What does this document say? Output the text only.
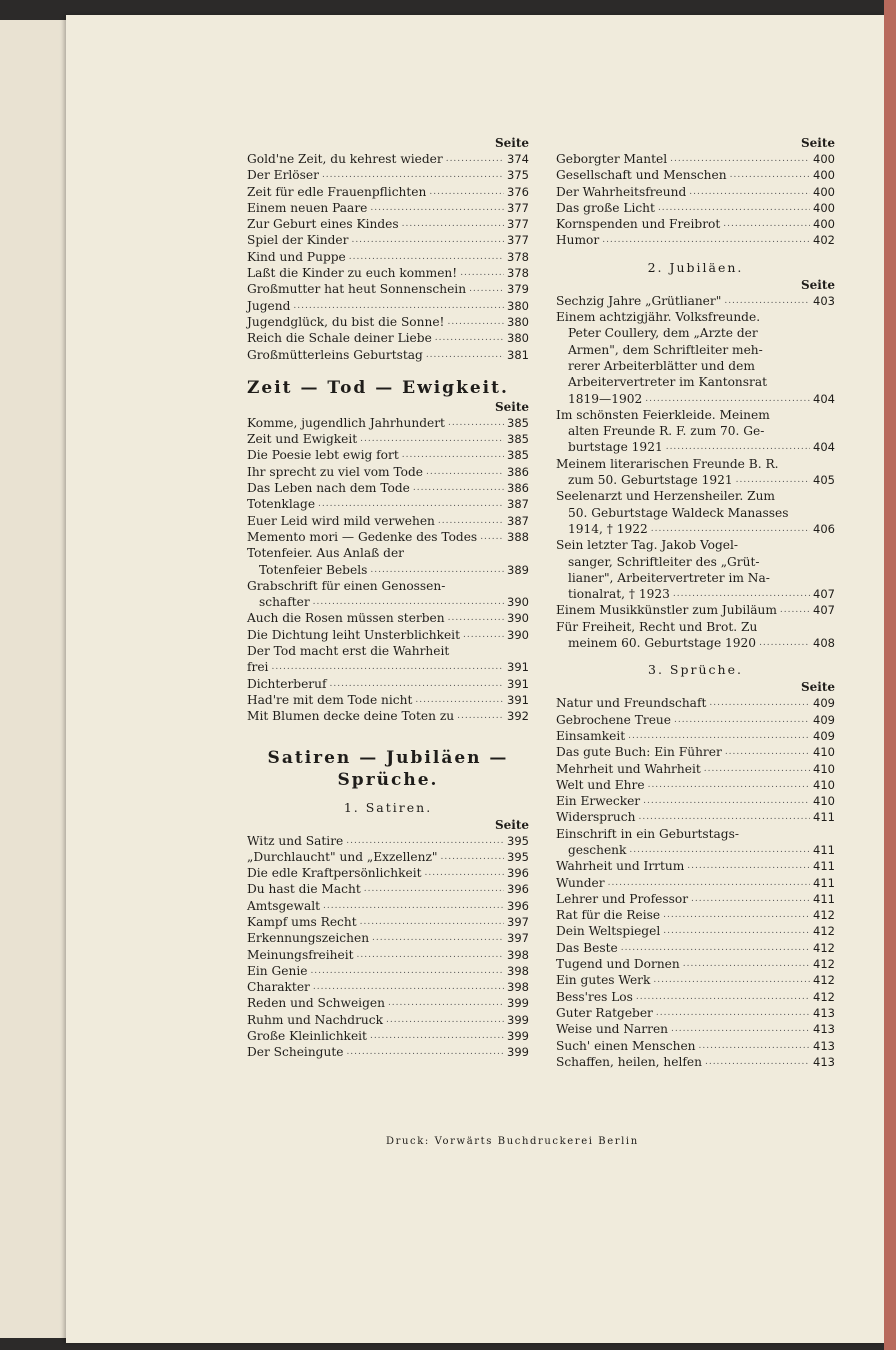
Seite
Gold'ne Zeit, du kehrest wieder .....	374
Der Erlöser .....	375
Zeit für edle Frauenpflichten .....	376
Einem neuen Paare .....	377
Zur Geburt eines Kindes .....	377
Spiel der Kinder .....	377
Kind und Puppe .....	378
Laßt die Kinder zu euch kommen! .....	378
Großmutter hat heut Sonnenschein .....	379
Jugend .....	380
Jugendglück, du bist die Sonne! .....	380
Reich die Schale deiner Liebe .....	380
Großmütterleins Geburtstag .....	381
Zeit — Tod — Ewigkeit.
Seite
Komme, jugendlich Jahrhundert .....	385
Zeit und Ewigkeit .....	385
Die Poesie lebt ewig fort .....	385
Ihr sprecht zu viel vom Tode .....	386
Das Leben nach dem Tode .....	386
Totenklage .....	387
Euer Leid wird mild verwehen .....	387
Memento mori — Gedenke des Todes .....	388
Totenfeier. Aus Anlaß der
Totenfeier Bebels .....	389
Grabschrift für einen Genossen-
schafter .....	390
Auch die Rosen müssen sterben .....	390
Die Dichtung leiht Unsterblichkeit .....	390
Der Tod macht erst die Wahrheit
frei .....	391
Dichterberuf .....	391
Had're mit dem Tode nicht .....	391
Mit Blumen decke deine Toten zu .....	392
Satiren — Jubiläen —
Sprüche.
1. Satiren.
Seite
Witz und Satire .....	395
„Durchlaucht" und „Exzellenz" .....	395
Die edle Kraftpersönlichkeit .....	396
Du hast die Macht .....	396
Amtsgewalt .....	396
Kampf ums Recht .....	397
Erkennungszeichen .....	397
Meinungsfreiheit .....	398
Ein Genie .....	398
Charakter .....	398
Reden und Schweigen .....	399
Ruhm und Nachdruck .....	399
Große Kleinlichkeit .....	399
Der Scheingute .....	399
Seite
Geborgter Mantel .....	400
Gesellschaft und Menschen .....	400
Der Wahrheitsfreund .....	400
Das große Licht .....	400
Kornspenden und Freibrot .....	400
Humor .....	402
2. Jubiläen.
Seite
Sechzig Jahre „Grütlianer" .....	403
Einem achtzigjähr. Volksfreunde.
Peter Coullery, dem „Arzte der
Armen", dem Schriftleiter meh-
rerer Arbeiterblätter und dem
Arbeitervertreter im Kantonsrat
1819—1902 .....	404
Im schönsten Feierkleide. Meinem
alten Freunde R. F. zum 70. Ge-
burtstage 1921 .....	404
Meinem literarischen Freunde B. R.
zum 50. Geburtstage 1921 .....	405
Seelenarzt und Herzensheiler. Zum
50. Geburtstage Waldeck Manasses
1914, † 1922 .....	406
Sein letzter Tag. Jakob Vogel-
sanger, Schriftleiter des „Grüt-
lianer", Arbeitervertreter im Na-
tionalrat, † 1923 .....	407
Einem Musikkünstler zum Jubiläum .....	407
Für Freiheit, Recht und Brot. Zu
meinem 60. Geburtstage 1920 .....	408
3. Sprüche.
Seite
Natur und Freundschaft .....	409
Gebrochene Treue .....	409
Einsamkeit .....	409
Das gute Buch: Ein Führer .....	410
Mehrheit und Wahrheit .....	410
Welt und Ehre .....	410
Ein Erwecker .....	410
Widerspruch .....	411
Einschrift in ein Geburtstags-
geschenk .....	411
Wahrheit und Irrtum .....	411
Wunder .....	411
Lehrer und Professor .....	411
Rat für die Reise .....	412
Dein Weltspiegel .....	412
Das Beste .....	412
Tugend und Dornen .....	412
Ein gutes Werk .....	412
Bess'res Los .....	412
Guter Ratgeber .....	413
Weise und Narren .....	413
Such' einen Menschen .....	413
Schaffen, heilen, helfen .....	413
Druck: Vorwärts Buchdruckerei Berlin
